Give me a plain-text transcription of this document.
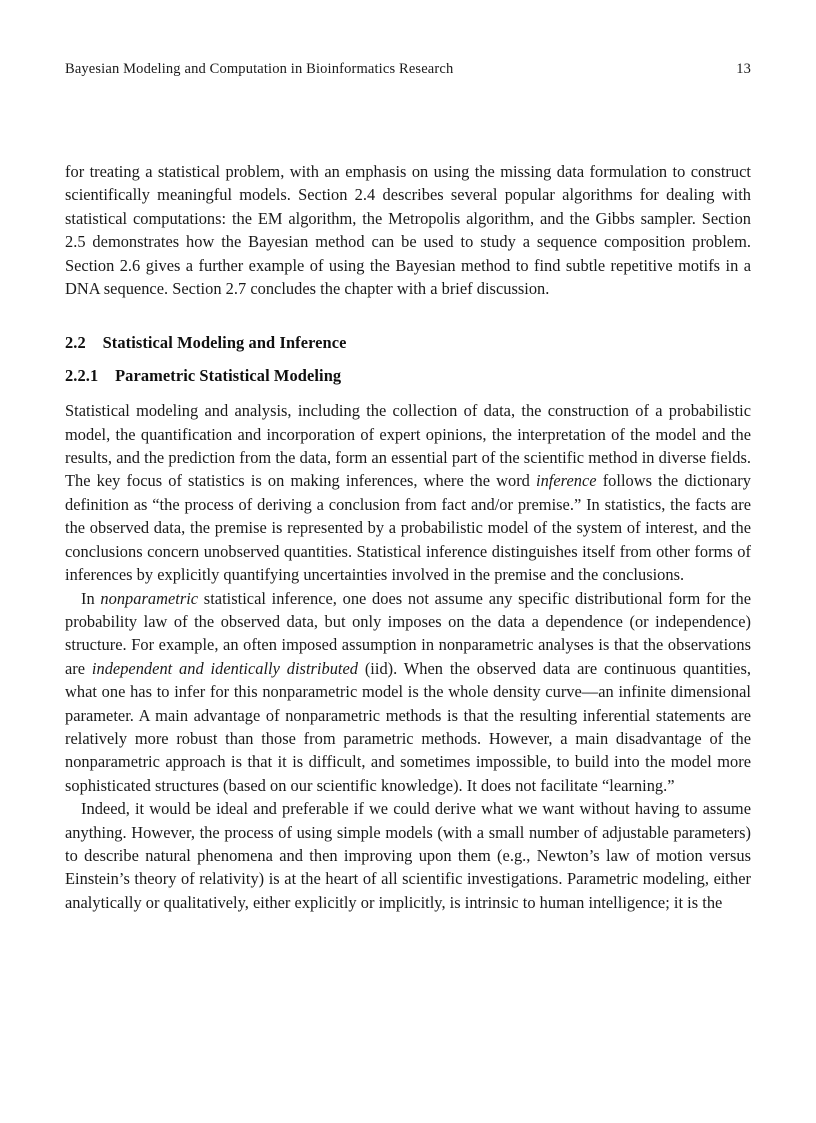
Bayesian Modeling and Computation in Bioinformatics Research	13

for treating a statistical problem, with an emphasis on using the missing data formulation to construct scientifically meaningful models. Section 2.4 describes several popular algorithms for dealing with statistical computations: the EM algorithm, the Metropolis algorithm, and the Gibbs sampler. Section 2.5 demonstrates how the Bayesian method can be used to study a sequence composition problem. Section 2.6 gives a further example of using the Bayesian method to find subtle repetitive motifs in a DNA sequence. Section 2.7 concludes the chapter with a brief discussion.

2.2    Statistical Modeling and Inference
2.2.1    Parametric Statistical Modeling

Statistical modeling and analysis, including the collection of data, the construction of a probabilistic model, the quantification and incorporation of expert opinions, the interpretation of the model and the results, and the prediction from the data, form an essential part of the scientific method in diverse fields. The key focus of statistics is on making inferences, where the word inference follows the dictionary definition as “the process of deriving a conclusion from fact and/or premise.” In statistics, the facts are the observed data, the premise is represented by a probabilistic model of the system of interest, and the conclusions concern unobserved quantities. Statistical inference distinguishes itself from other forms of inferences by explicitly quantifying uncertainties involved in the premise and the conclusions.

In nonparametric statistical inference, one does not assume any specific distributional form for the probability law of the observed data, but only imposes on the data a dependence (or independence) structure. For example, an often imposed assumption in nonparametric analyses is that the observations are independent and identically distributed (iid). When the observed data are continuous quantities, what one has to infer for this nonparametric model is the whole density curve—an infinite dimensional parameter. A main advantage of nonparametric methods is that the resulting inferential statements are relatively more robust than those from parametric methods. However, a main disadvantage of the nonparametric approach is that it is difficult, and sometimes impossible, to build into the model more sophisticated structures (based on our scientific knowledge). It does not facilitate “learning.”

Indeed, it would be ideal and preferable if we could derive what we want without having to assume anything. However, the process of using simple models (with a small number of adjustable parameters) to describe natural phenomena and then improving upon them (e.g., Newton’s law of motion versus Einstein’s theory of relativity) is at the heart of all scientific investigations. Parametric modeling, either analytically or qualitatively, either explicitly or implicitly, is intrinsic to human intelligence; it is the
